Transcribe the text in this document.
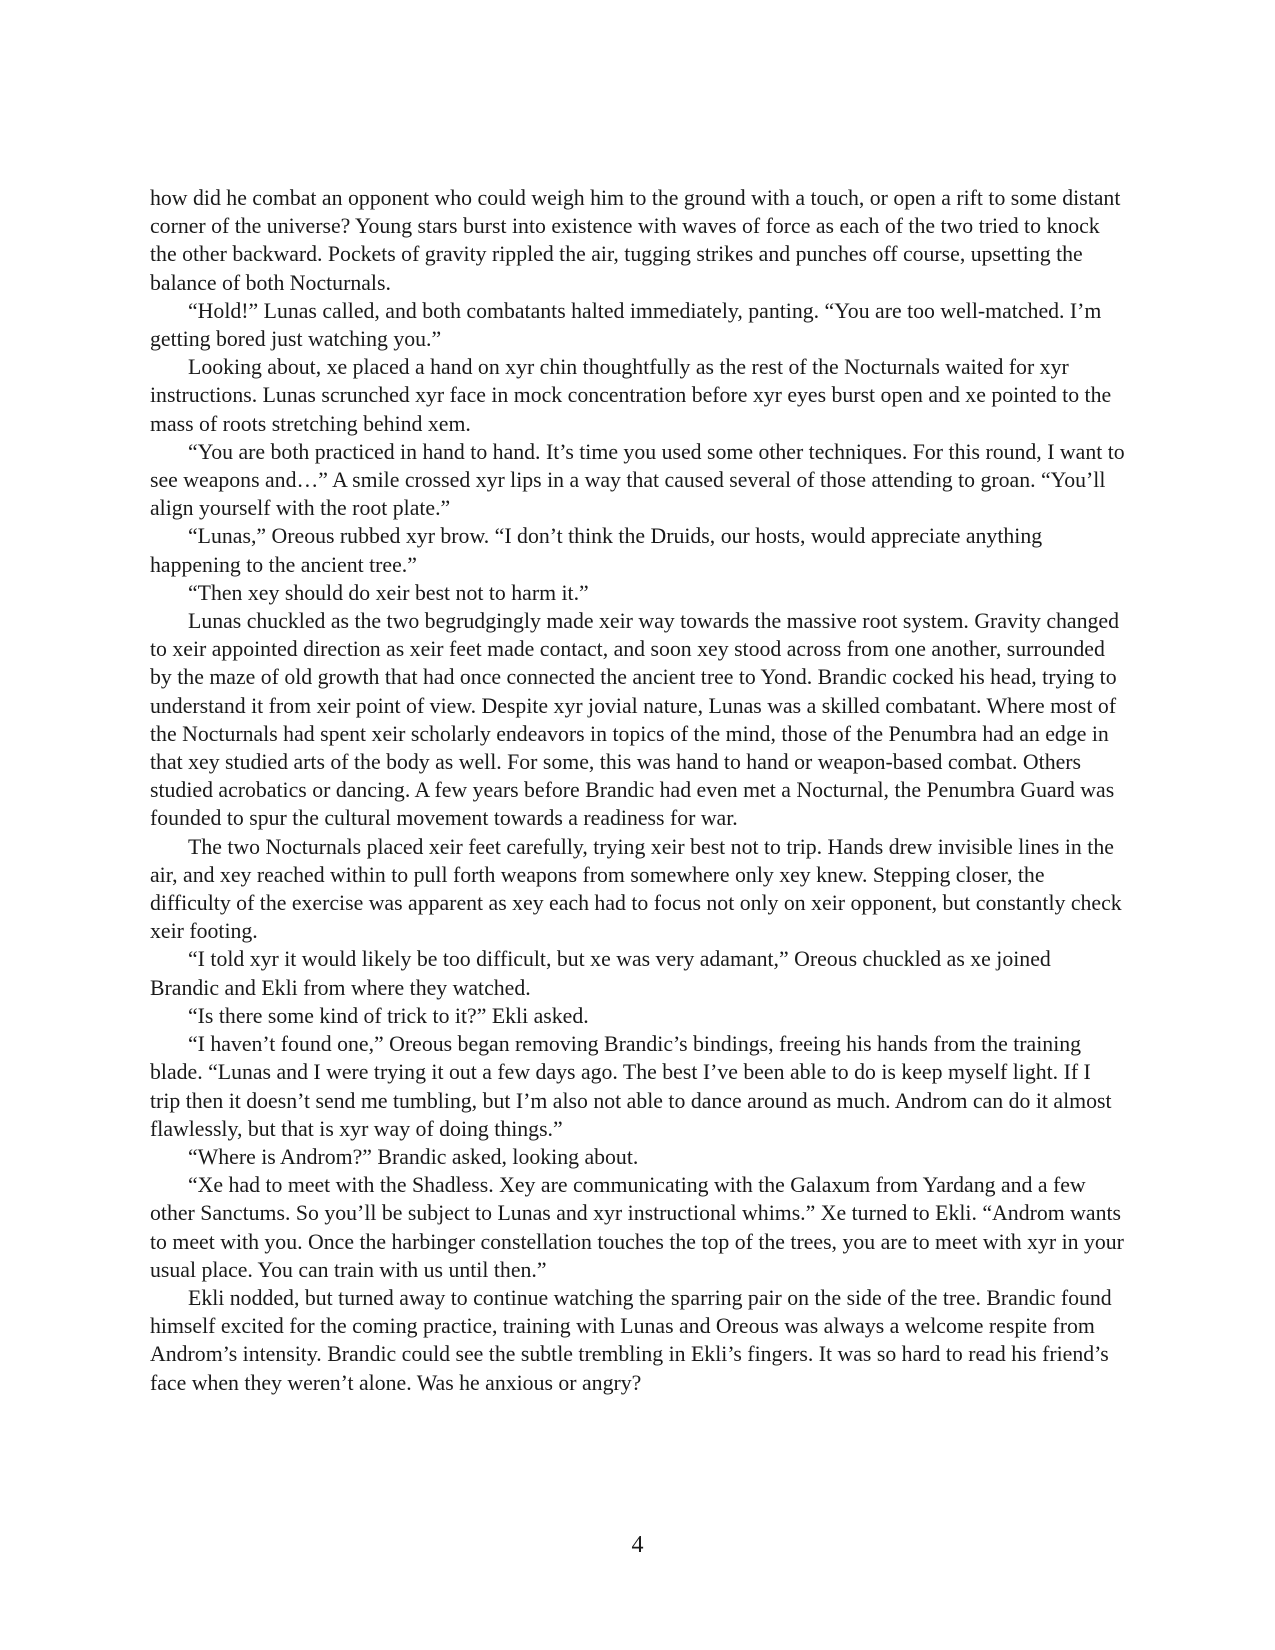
how did he combat an opponent who could weigh him to the ground with a touch, or open a rift to some distant corner of the universe? Young stars burst into existence with waves of force as each of the two tried to knock the other backward. Pockets of gravity rippled the air, tugging strikes and punches off course, upsetting the balance of both Nocturnals.

“Hold!” Lunas called, and both combatants halted immediately, panting. “You are too well-matched. I’m getting bored just watching you.”

Looking about, xe placed a hand on xyr chin thoughtfully as the rest of the Nocturnals waited for xyr instructions. Lunas scrunched xyr face in mock concentration before xyr eyes burst open and xe pointed to the mass of roots stretching behind xem.

“You are both practiced in hand to hand. It’s time you used some other techniques. For this round, I want to see weapons and…” A smile crossed xyr lips in a way that caused several of those attending to groan. “You’ll align yourself with the root plate.”

“Lunas,” Oreous rubbed xyr brow. “I don’t think the Druids, our hosts, would appreciate anything happening to the ancient tree.”

“Then xey should do xeir best not to harm it.”

Lunas chuckled as the two begrudgingly made xeir way towards the massive root system. Gravity changed to xeir appointed direction as xeir feet made contact, and soon xey stood across from one another, surrounded by the maze of old growth that had once connected the ancient tree to Yond. Brandic cocked his head, trying to understand it from xeir point of view. Despite xyr jovial nature, Lunas was a skilled combatant. Where most of the Nocturnals had spent xeir scholarly endeavors in topics of the mind, those of the Penumbra had an edge in that xey studied arts of the body as well. For some, this was hand to hand or weapon-based combat. Others studied acrobatics or dancing. A few years before Brandic had even met a Nocturnal, the Penumbra Guard was founded to spur the cultural movement towards a readiness for war.

The two Nocturnals placed xeir feet carefully, trying xeir best not to trip. Hands drew invisible lines in the air, and xey reached within to pull forth weapons from somewhere only xey knew. Stepping closer, the difficulty of the exercise was apparent as xey each had to focus not only on xeir opponent, but constantly check xeir footing.

“I told xyr it would likely be too difficult, but xe was very adamant,” Oreous chuckled as xe joined Brandic and Ekli from where they watched.

“Is there some kind of trick to it?” Ekli asked.

“I haven’t found one,” Oreous began removing Brandic’s bindings, freeing his hands from the training blade. “Lunas and I were trying it out a few days ago. The best I’ve been able to do is keep myself light. If I trip then it doesn’t send me tumbling, but I’m also not able to dance around as much. Androm can do it almost flawlessly, but that is xyr way of doing things.”

“Where is Androm?” Brandic asked, looking about.

“Xe had to meet with the Shadless. Xey are communicating with the Galaxum from Yardang and a few other Sanctums. So you’ll be subject to Lunas and xyr instructional whims.” Xe turned to Ekli. “Androm wants to meet with you. Once the harbinger constellation touches the top of the trees, you are to meet with xyr in your usual place. You can train with us until then.”

Ekli nodded, but turned away to continue watching the sparring pair on the side of the tree. Brandic found himself excited for the coming practice, training with Lunas and Oreous was always a welcome respite from Androm’s intensity. Brandic could see the subtle trembling in Ekli’s fingers. It was so hard to read his friend’s face when they weren’t alone. Was he anxious or angry?

4
